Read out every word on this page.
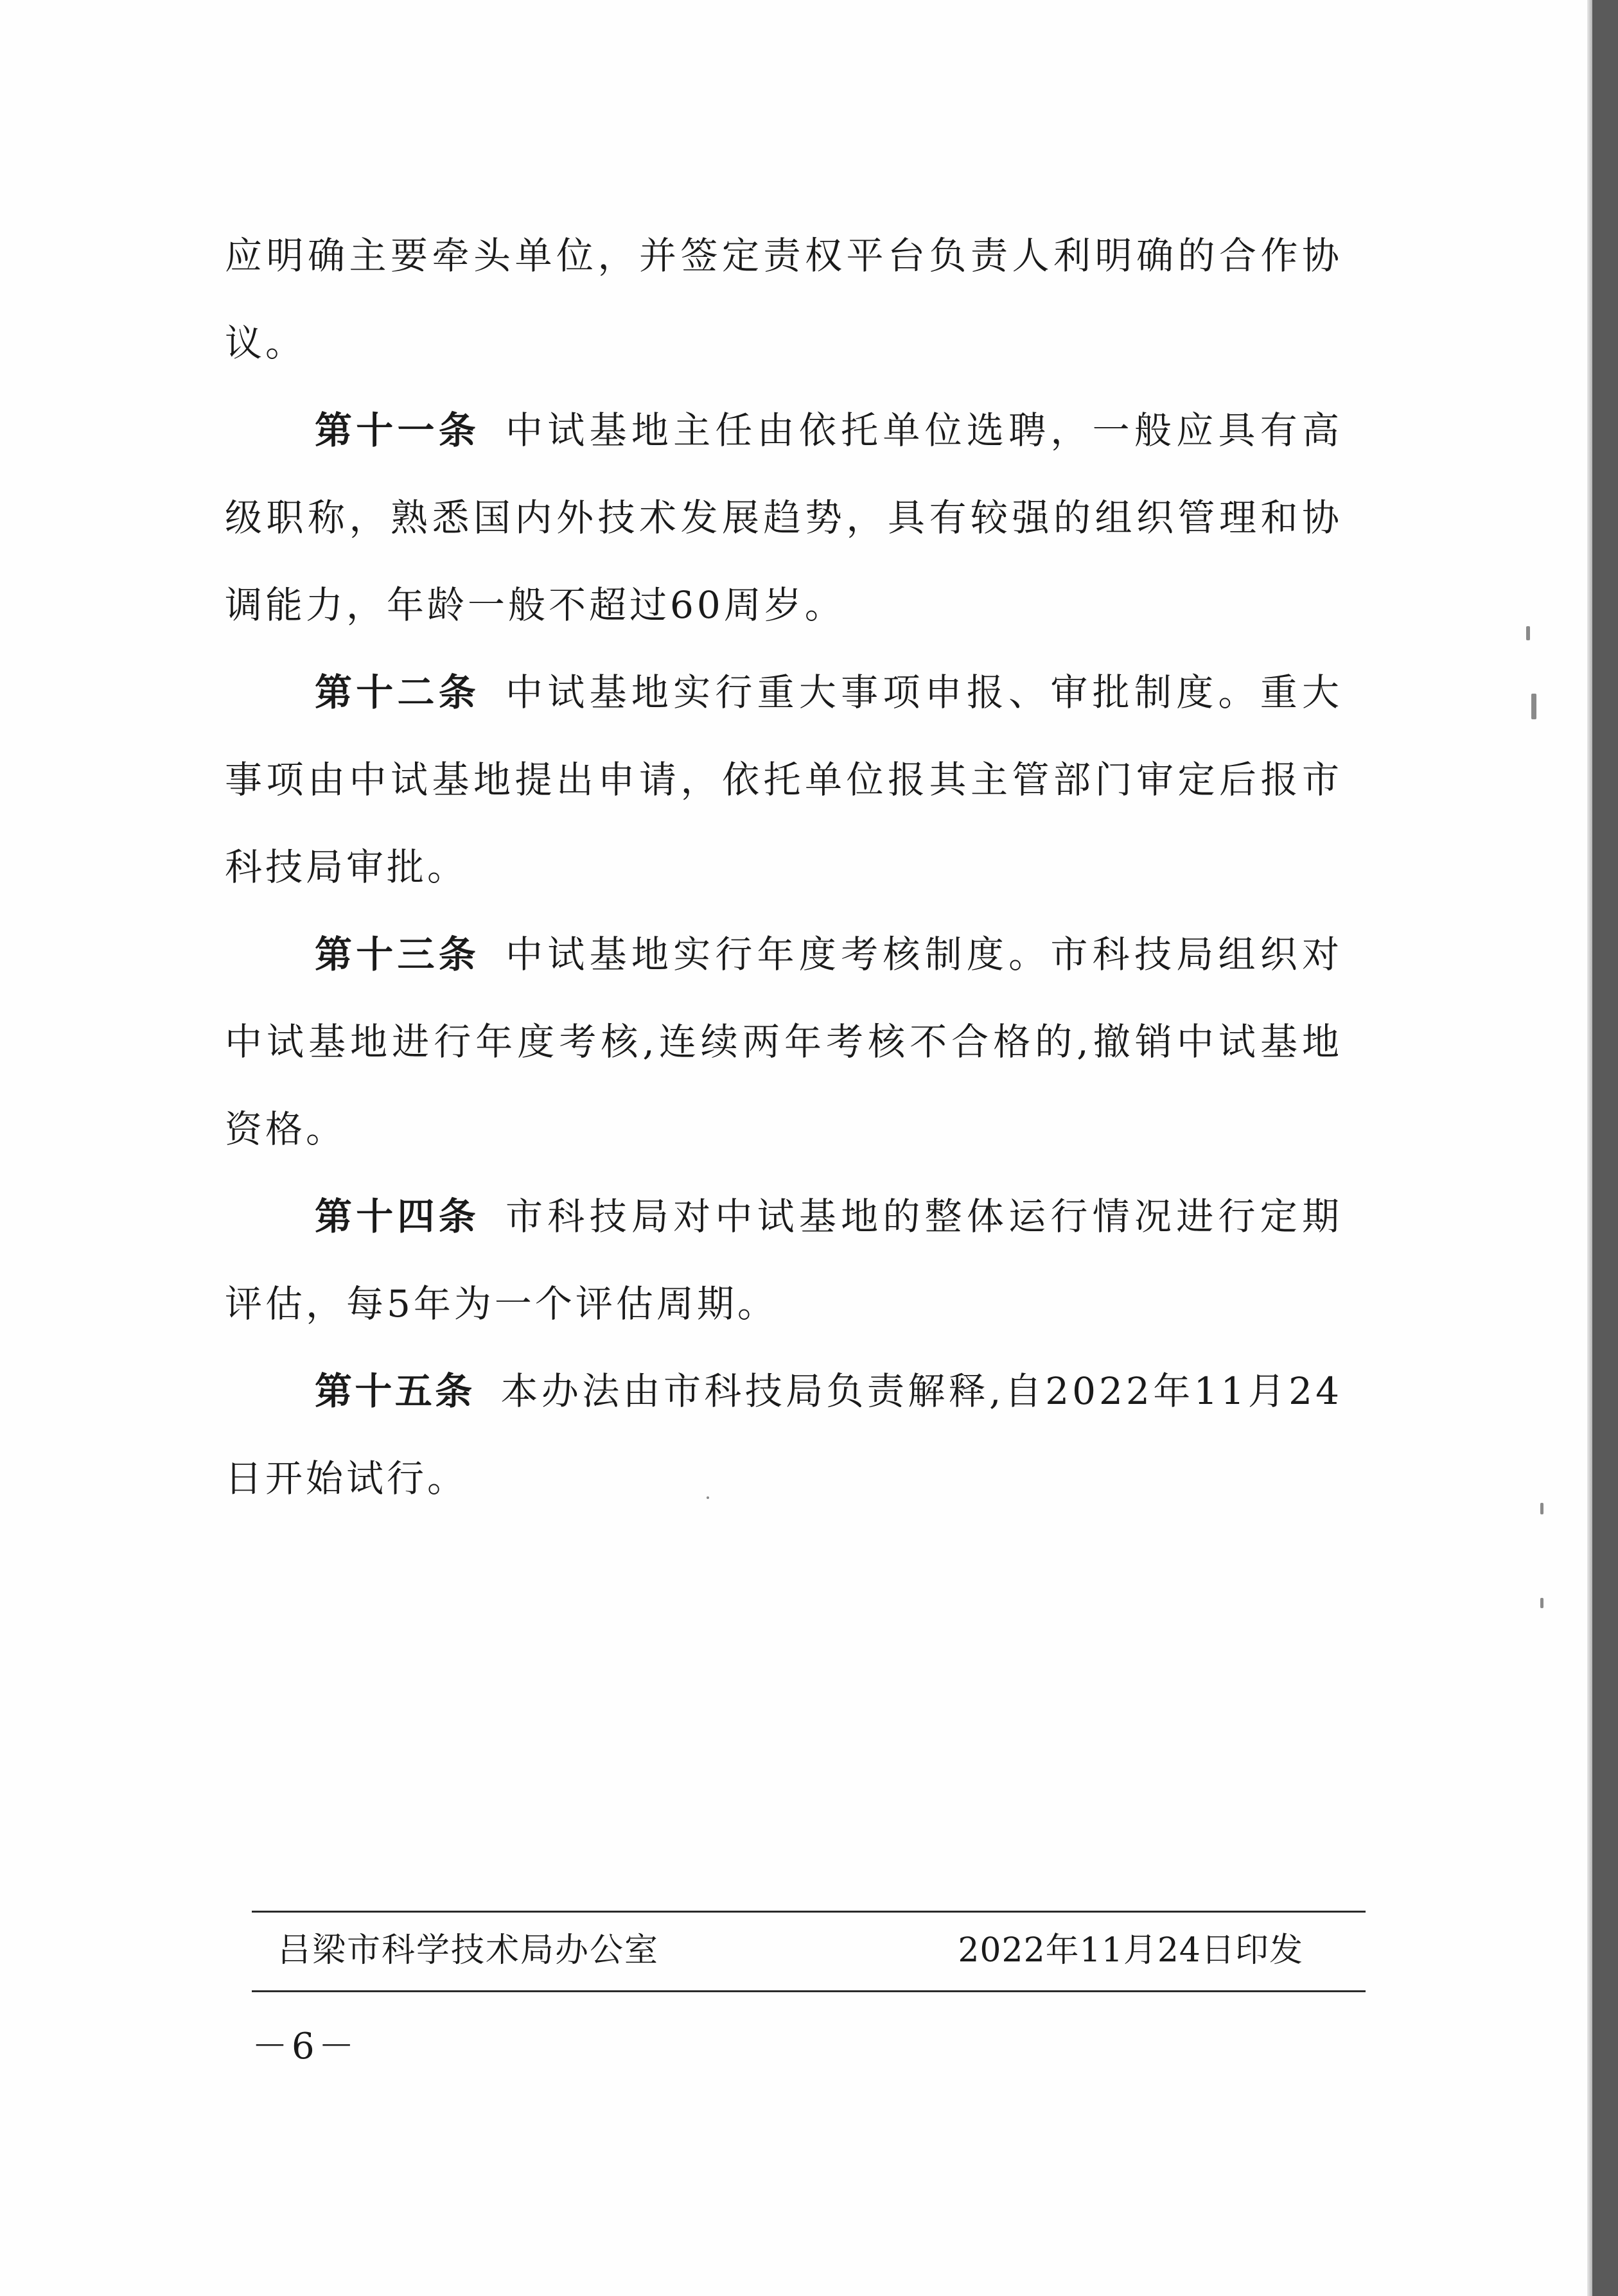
应明确主要牵头单位，并签定责权平台负责人利明确的合作协议。

第十一条 中试基地主任由依托单位选聘，一般应具有高级职称，熟悉国内外技术发展趋势，具有较强的组织管理和协调能力，年龄一般不超过60周岁。

第十二条 中试基地实行重大事项申报、审批制度。重大事项由中试基地提出申请，依托单位报其主管部门审定后报市科技局审批。

第十三条 中试基地实行年度考核制度。市科技局组织对中试基地进行年度考核,连续两年考核不合格的,撤销中试基地资格。

第十四条 市科技局对中试基地的整体运行情况进行定期评估，每5年为一个评估周期。

第十五条 本办法由市科技局负责解释,自2022年11月24日开始试行。

吕梁市科学技术局办公室	2022年11月24日印发
－6－
